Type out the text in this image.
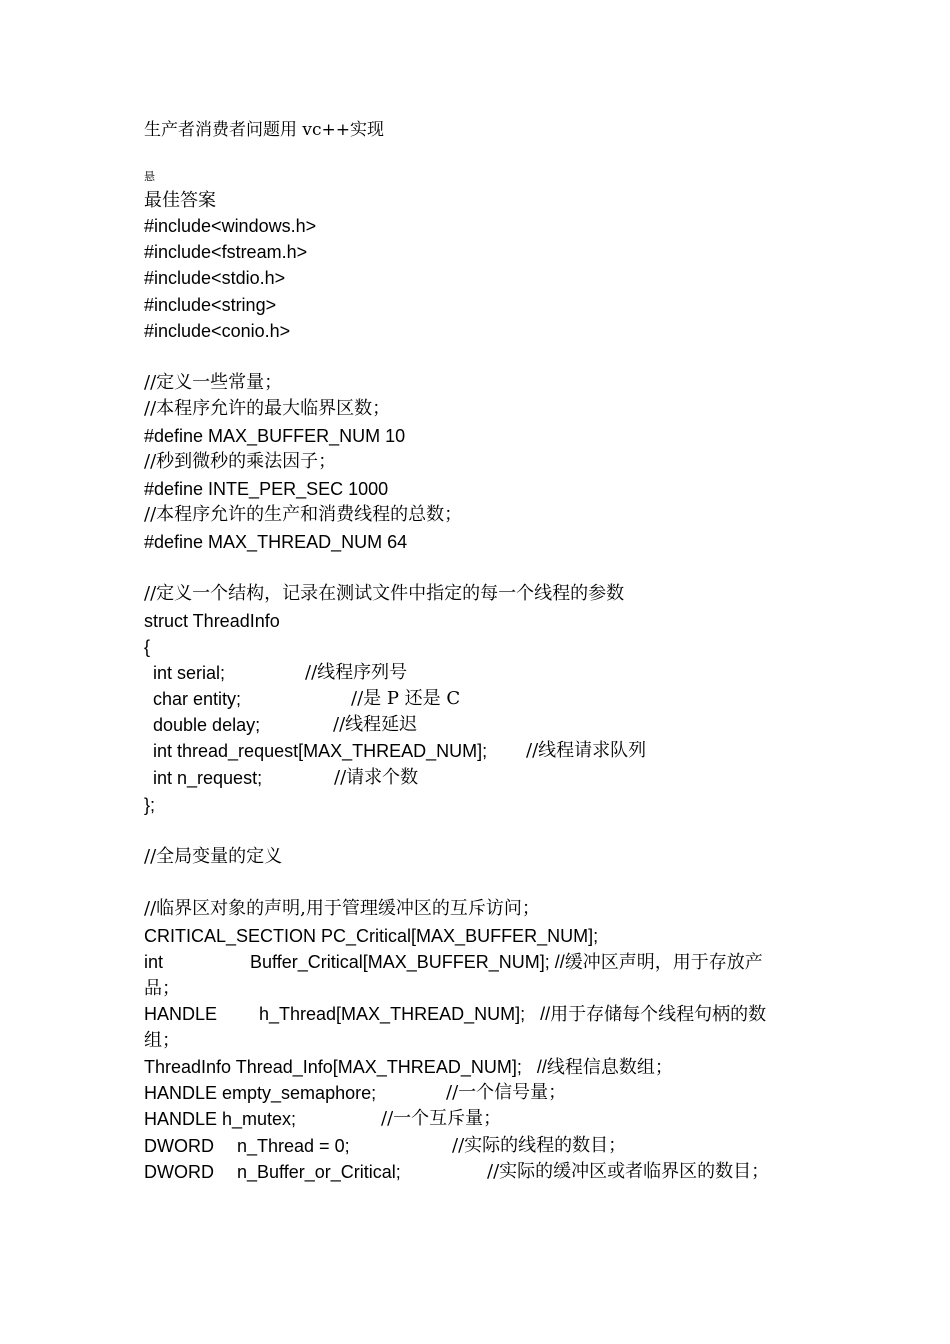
生产者消费者问题用 vc++实现
悬
最佳答案
#include<windows.h>
#include<fstream.h>
#include<stdio.h>
#include<string>
#include<conio.h>
//定义一些常量；
//本程序允许的最大临界区数；
#define MAX_BUFFER_NUM 10
//秒到微秒的乘法因子；
#define INTE_PER_SEC 1000
//本程序允许的生产和消费线程的总数；
#define MAX_THREAD_NUM 64
//定义一个结构，记录在测试文件中指定的每一个线程的参数
struct ThreadInfo
{
int serial;	//线程序列号
char entity;	//是 P 还是 C
double delay;	//线程延迟
int thread_request[MAX_THREAD_NUM]; //线程请求队列
int n_request;	//请求个数
};
//全局变量的定义
//临界区对象的声明,用于管理缓冲区的互斥访问；
CRITICAL_SECTION PC_Critical[MAX_BUFFER_NUM];
int	Buffer_Critical[MAX_BUFFER_NUM]; //缓冲区声明，用于存放产
品；
HANDLE h_Thread[MAX_THREAD_NUM];   //用于存储每个线程句柄的数
组；
ThreadInfo Thread_Info[MAX_THREAD_NUM];   //线程信息数组；
HANDLE empty_semaphore;	//一个信号量；
HANDLE h_mutex;	//一个互斥量；
DWORD n_Thread = 0;	//实际的线程的数目；
DWORD n_Buffer_or_Critical;	//实际的缓冲区或者临界区的数目；
